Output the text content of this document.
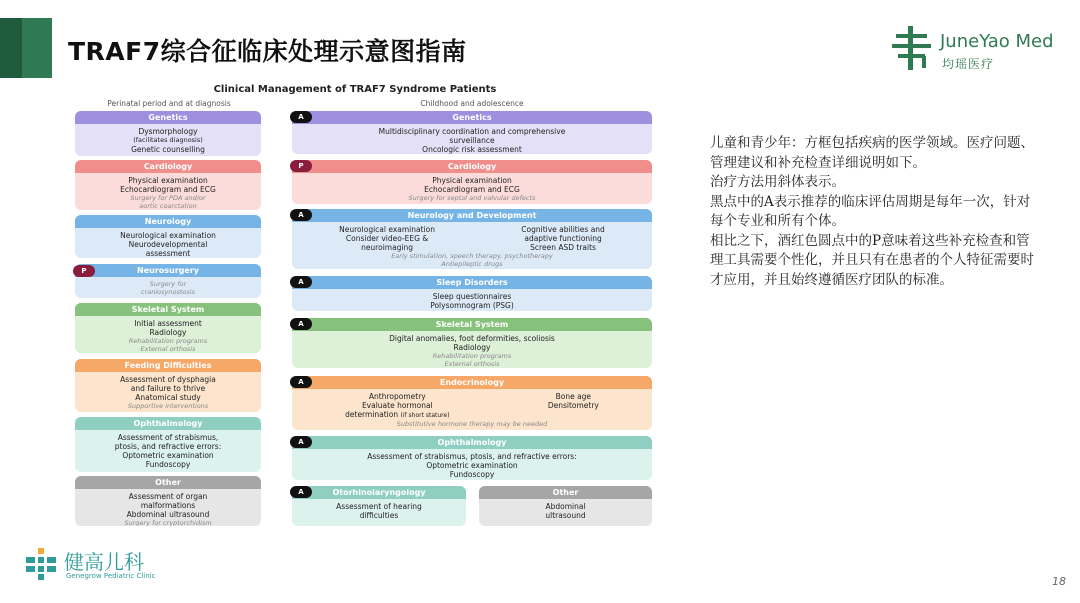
TRAF7综合征临床处理示意图指南	JuneYao Med
均瑶医疗
Clinical Management of TRAF7 Syndrome Patients
Perinatal period and at diagnosis	Childhood and adolescence
Genetics
Dysmorphology
(facilitates diagnosis)
Genetic counselling
Cardiology
Physical examination
Echocardiogram and ECG
Surgery for PDA and/or
aortic coarctation
Neurology
Neurological examination
Neurodevelopmental
assessment
Neurosurgery
Surgery for
craniosynostosis
P
Skeletal System
Initial assessment
Radiology
Rehabilitation programs
External orthosis
Feeding Difficulties
Assessment of dysphagia
and failure to thrive
Anatomical study
Supportive interventions
Ophthalmology
Assessment of strabismus,
ptosis, and refractive errors:
Optometric examination
Fundoscopy
Other
Assessment of organ
malformations
Abdominal ultrasound
Surgery for cryptorchidism
Genetics
Multidisciplinary coordination and comprehensive
surveillance
Oncologic risk assessment
A
Cardiology
Physical examination
Echocardiogram and ECG
Surgery for septal and valvular defects
P
Neurology and Development
Neurological examination
Consider video-EEG &
neuroimaging
Cognitive abilities and
adaptive functioning
Screen ASD traits
Early stimulation, speech therapy, psychotherapy
Antiepileptic drugs
A
Sleep Disorders
Sleep questionnaires
Polysomnogram (PSG)
A
Skeletal System
Digital anomalies, foot deformities, scoliosis
Radiology
Rehabilitation programs
External orthosis
A
Endocrinology
Anthropometry
Evaluate hormonal
determination (if short stature)
Bone age
Densitometry
Substitutive hormone therapy may be needed
A
Ophthalmology
Assessment of strabismus, ptosis, and refractive errors:
Optometric examination
Fundoscopy
A
Otorhinolaryngology
Assessment of hearing
difficulties
A	Other
Abdominal
ultrasound

儿童和青少年：方框包括疾病的医学领域。医疗问题、管理建议和补充检查详细说明如下。

治疗方法用斜体表示。

黑点中的A表示推荐的临床评估周期是每年一次，针对每个专业和所有个体。

相比之下，酒红色圆点中的P意味着这些补充检查和管理工具需要个性化，并且只有在患者的个人特征需要时才应用，并且始终遵循医疗团队的标准。

健高儿科
Genegrow Pediatric Clinic	18
